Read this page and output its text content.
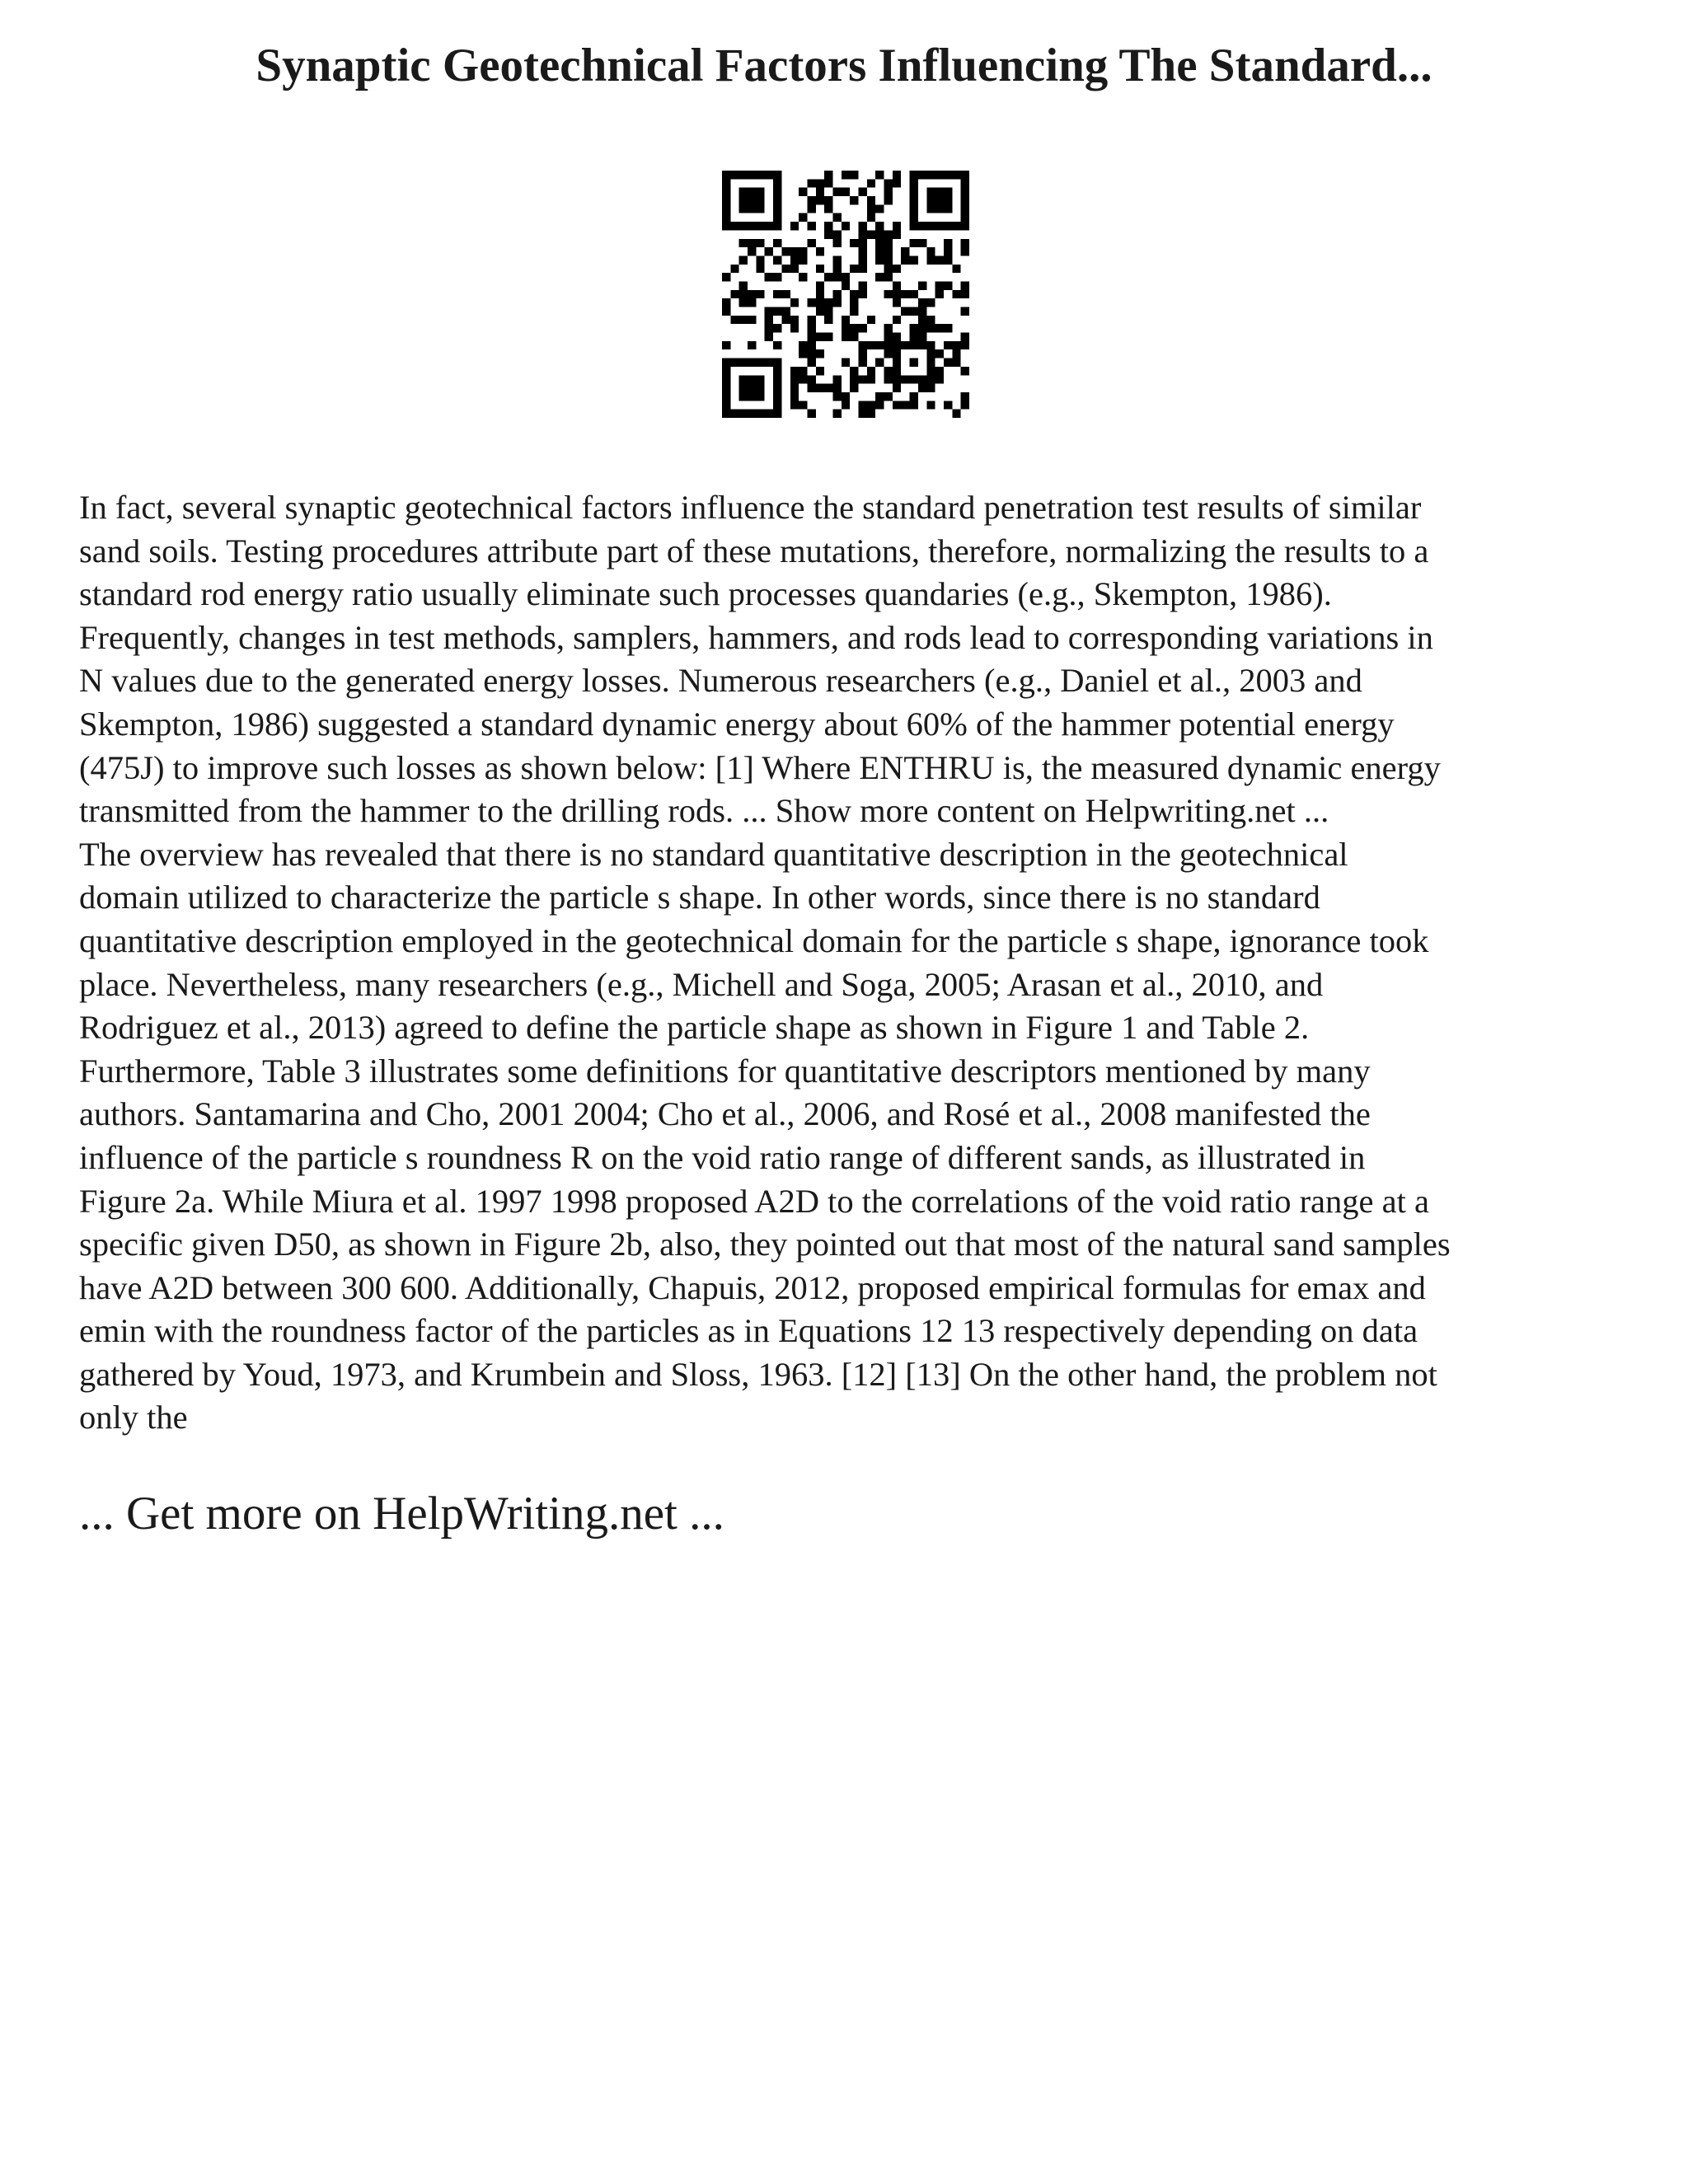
Synaptic Geotechnical Factors Influencing The Standard...
In fact, several synaptic geotechnical factors influence the standard penetration test results of similar
sand soils. Testing procedures attribute part of these mutations, therefore, normalizing the results to a
standard rod energy ratio usually eliminate such processes quandaries (e.g., Skempton, 1986).
Frequently, changes in test methods, samplers, hammers, and rods lead to corresponding variations in
N values due to the generated energy losses. Numerous researchers (e.g., Daniel et al., 2003 and
Skempton, 1986) suggested a standard dynamic energy about 60% of the hammer potential energy
(475J) to improve such losses as shown below: [1] Where ENTHRU is, the measured dynamic energy
transmitted from the hammer to the drilling rods. ... Show more content on Helpwriting.net ...
The overview has revealed that there is no standard quantitative description in the geotechnical
domain utilized to characterize the particle s shape. In other words, since there is no standard
quantitative description employed in the geotechnical domain for the particle s shape, ignorance took
place. Nevertheless, many researchers (e.g., Michell and Soga, 2005; Arasan et al., 2010, and
Rodriguez et al., 2013) agreed to define the particle shape as shown in Figure 1 and Table 2.
Furthermore, Table 3 illustrates some definitions for quantitative descriptors mentioned by many
authors. Santamarina and Cho, 2001 2004; Cho et al., 2006, and Rosé et al., 2008 manifested the
influence of the particle s roundness R on the void ratio range of different sands, as illustrated in
Figure 2a. While Miura et al. 1997 1998 proposed A2D to the correlations of the void ratio range at a
specific given D50, as shown in Figure 2b, also, they pointed out that most of the natural sand samples
have A2D between 300 600. Additionally, Chapuis, 2012, proposed empirical formulas for emax and
emin with the roundness factor of the particles as in Equations 12 13 respectively depending on data
gathered by Youd, 1973, and Krumbein and Sloss, 1963. [12] [13] On the other hand, the problem not
only the
... Get more on HelpWriting.net ...
